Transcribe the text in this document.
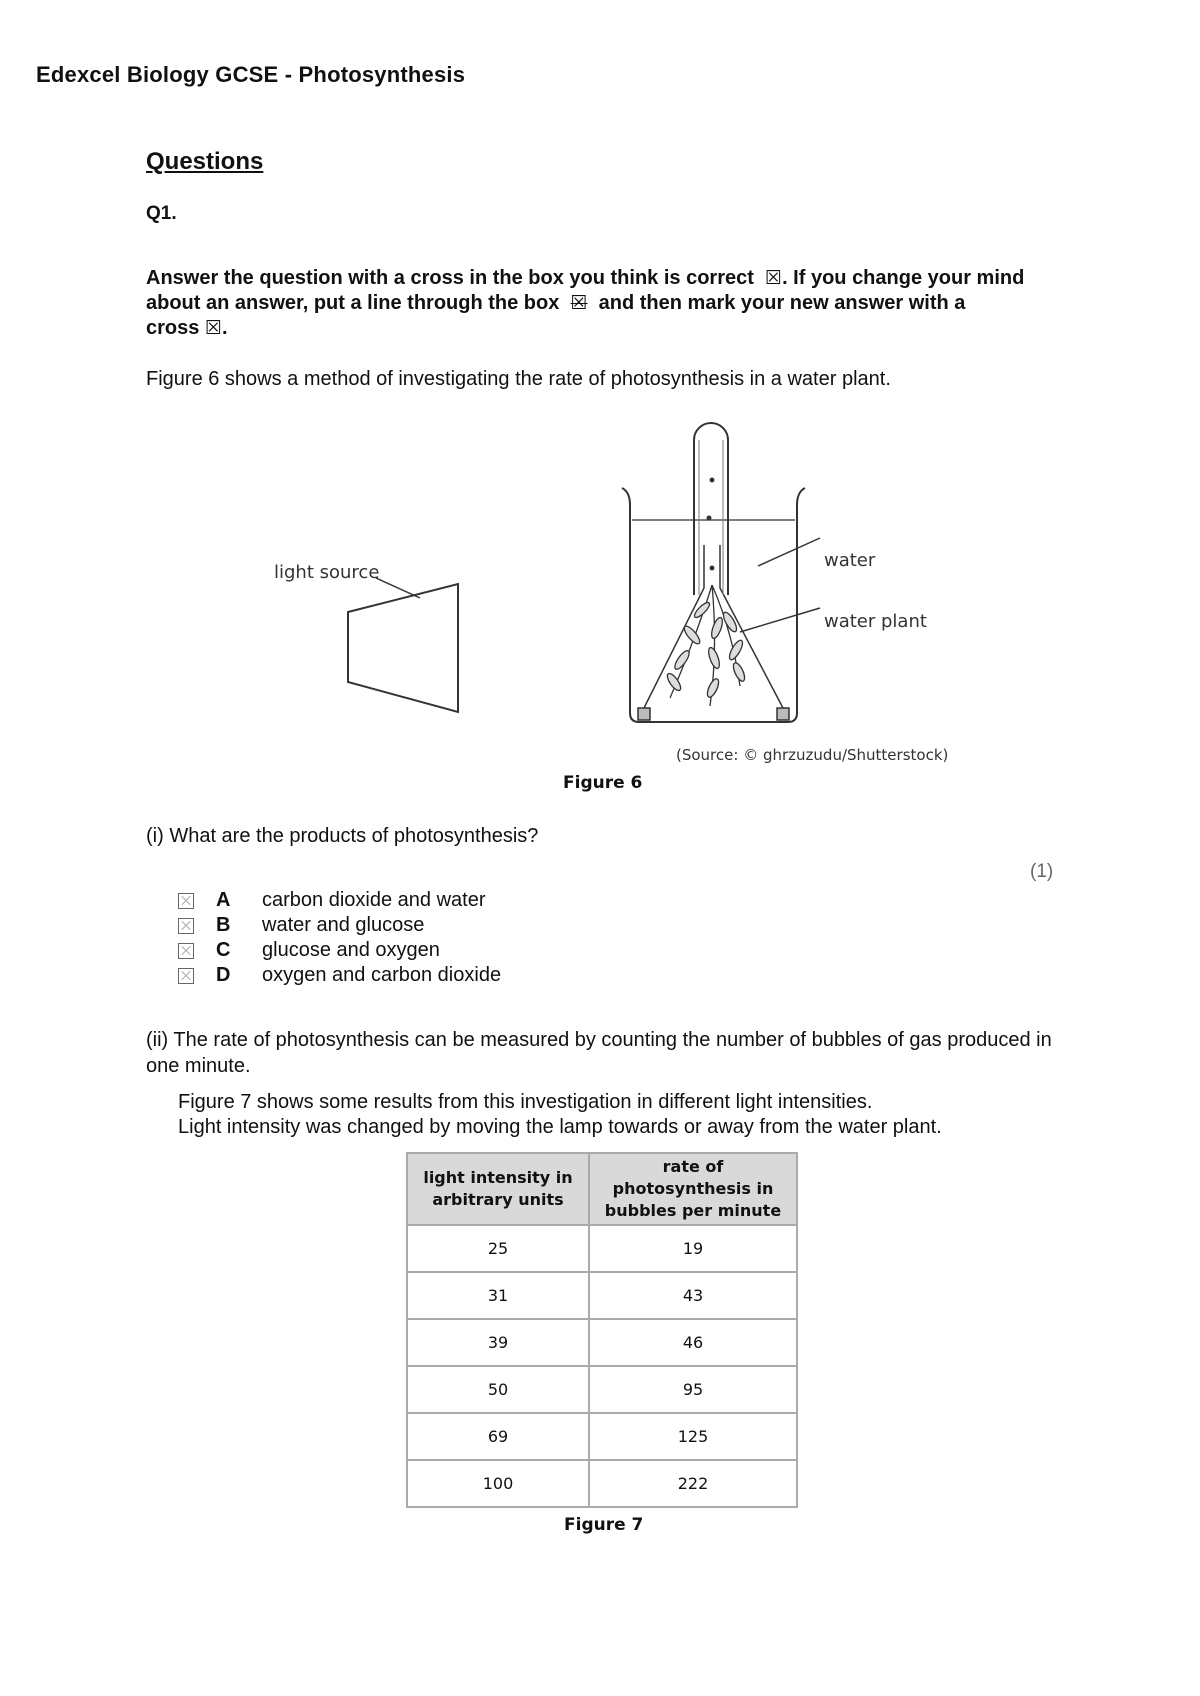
Edexcel Biology GCSE - Photosynthesis
Questions
Q1.
Answer the question with a cross in the box you think is correct ☒. If you change your mind about an answer, put a line through the box ☒ and then mark your new answer with a cross ☒.
Figure 6 shows a method of investigating the rate of photosynthesis in a water plant.
light source
water
water plant
(Source: © ghrzuzudu/Shutterstock)
Figure 6
(i) What are the products of photosynthesis?
(1)
A	carbon dioxide and water
B	water and glucose
C	glucose and oxygen
D	oxygen and carbon dioxide
(ii) The rate of photosynthesis can be measured by counting the number of bubbles of gas produced in one minute.
Figure 7 shows some results from this investigation in different light intensities.
Light intensity was changed by moving the lamp towards or away from the water plant.
light intensity in arbitrary units	rate of photosynthesis in bubbles per minute
25	19
31	43
39	46
50	95
69	125
100	222
Figure 7
